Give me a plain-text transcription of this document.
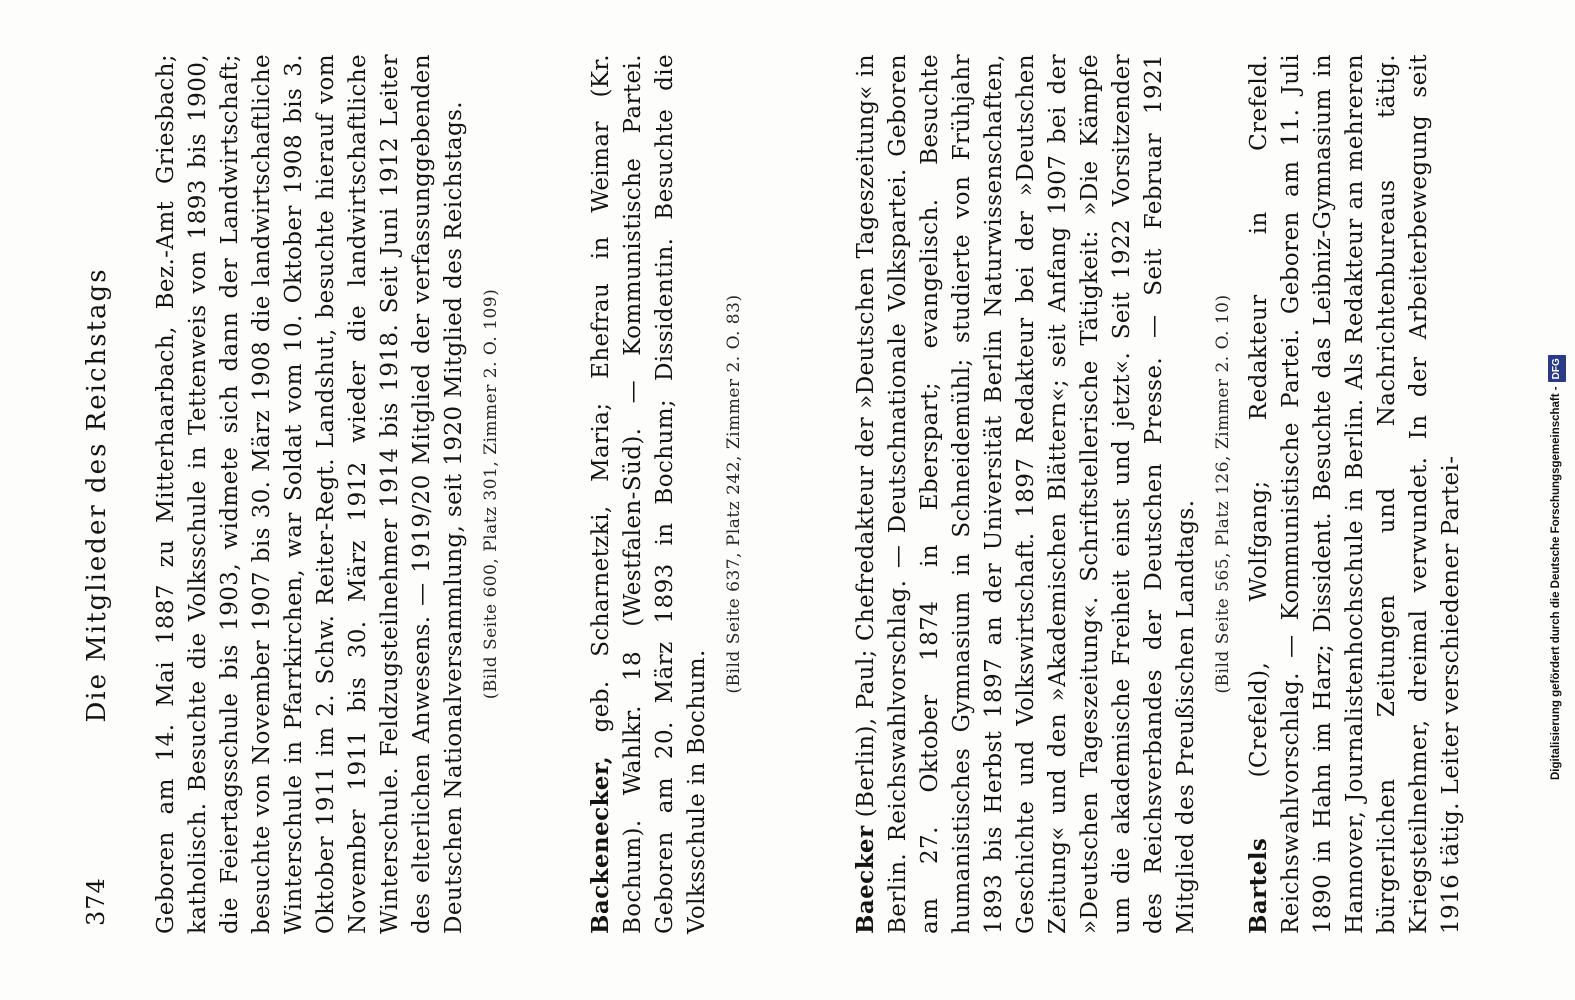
374
Die Mitglieder des Reichstags Geboren am 14. Mai 1887 zu Mitterhaarbach, Bez.-Amt Griesbach; katholisch. Besuchte die Volksschule in Tettenweis von 1893 bis 1900, die Feiertagsschule bis 1903, widmete sich dann der Landwirtschaft; besuchte von November 1907 bis 30. März 1908 die landwirtschaftliche Winterschule in Pfarrkirchen, war Soldat vom 10. Oktober 1908 bis 3. Oktober 1911 im 2. Schw. Reiter-Regt. Landshut, besuchte hierauf vom November 1911 bis 30. März 1912 wieder die landwirtschaftliche Winterschule. Feldzugsteilnehmer 1914 bis 1918. Seit Juni 1912 Leiter des elterlichen Anwesens. — 1919/20 Mitglied der verfassunggebenden Deutschen Nationalversammlung, seit 1920 Mitglied des Reichstags. (Bild Seite 600, Platz 301, Zimmer 2. O. 109)

Backenecker, geb. Scharnetzki, Maria; Ehefrau in Weimar (Kr. Bochum). Wahlkr. 18 (Westfalen-Süd). — Kommunistische Partei. Geboren am 20. März 1893 in Bochum; Dissidentin. Besuchte die Volksschule in Bochum.

(Bild Seite 637, Platz 242, Zimmer 2. O. 83)

Baecker (Berlin), Paul; Chefredakteur der »Deutschen Tageszeitung« in Berlin. Reichswahlvorschlag. — Deutschnationale Volkspartei. Geboren am 27. Oktober 1874 in Eberspart; evangelisch. Besuchte humanistisches Gymnasium in Schneidemühl; studierte von Frühjahr 1893 bis Herbst 1897 an der Universität Berlin Naturwissenschaften, Geschichte und Volkswirtschaft. 1897 Redakteur bei der »Deutschen Zeitung« und den »Akademischen Blättern«; seit Anfang 1907 bei der »Deutschen Tageszeitung«. Schriftstellerische Tätigkeit: »Die Kämpfe um die akademische Freiheit einst und jetzt«. Seit 1922 Vorsitzender des Reichsverbandes der Deutschen Presse. — Seit Februar 1921 Mitglied des Preußischen Landtags.

(Bild Seite 565, Platz 126, Zimmer 2. O. 10)

Bartels (Crefeld), Wolfgang; Redakteur in Crefeld. Reichswahlvorschlag. — Kommunistische Partei. Geboren am 11. Juli 1890 in Hahn im Harz; Dissident. Besuchte das Leibniz-Gymnasium in Hannover, Journalistenhochschule in Berlin. Als Redakteur an mehreren bürgerlichen Zeitungen und Nachrichtenbureaus tätig. Kriegsteilnehmer, dreimal verwundet. In der Arbeiterbewegung seit 1916 tätig. Leiter verschiedener Partei-	Digitalisierung gefördert durch die Deutsche Forschungsgemeinschaft -DFG
